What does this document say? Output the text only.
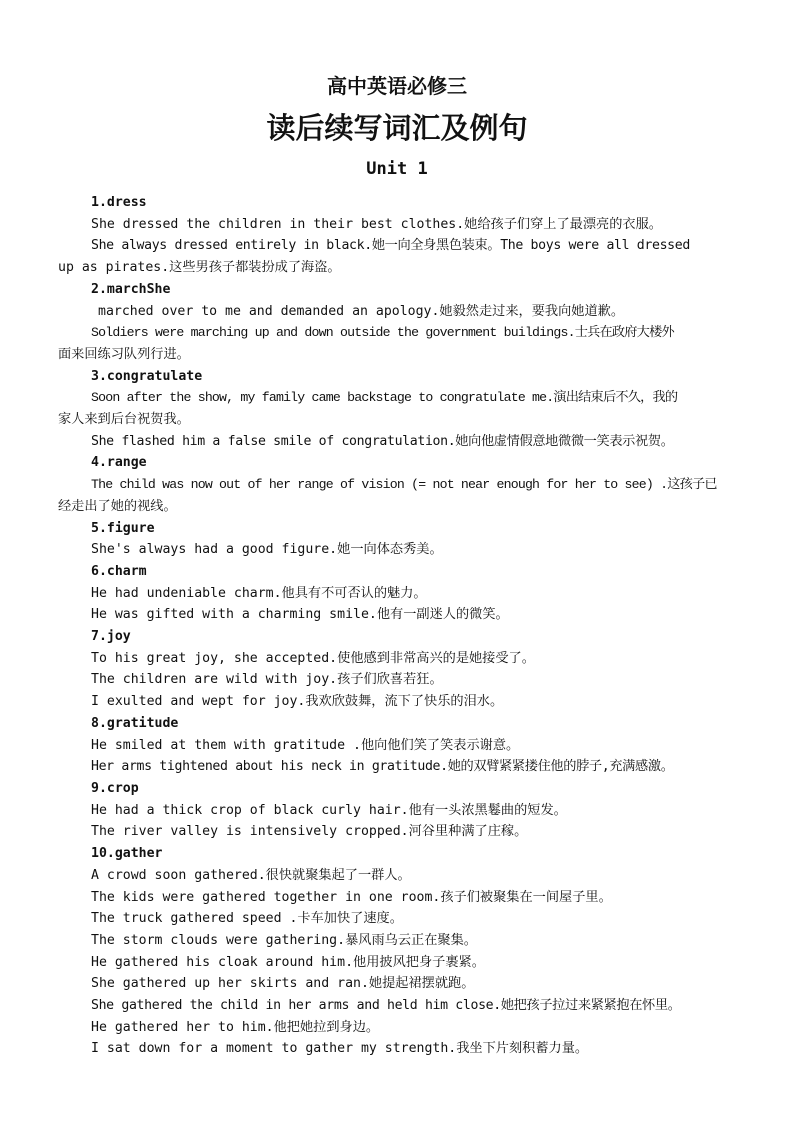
高中英语必修三
读后续写词汇及例句
Unit 1
1.dress
She dressed the children in their best clothes.她给孩子们穿上了最漂亮的衣服。
She always dressed entirely in black.她一向全身黑色装束。The boys were all dressed
up as pirates.这些男孩子都装扮成了海盗。
2.marchShe
marched over to me and demanded an apology.她毅然走过来，要我向她道歉。
Soldiers were marching up and down outside the government buildings.士兵在政府大楼外
面来回练习队列行进。
3.congratulate
Soon after the show, my family came backstage to congratulate me.演出结束后不久，我的
家人来到后台祝贺我。
She flashed him a false smile of congratulation.她向他虚情假意地微微一笑表示祝贺。
4.range
The child was now out of her range of vision (= not near enough for her to see) .这孩子已
经走出了她的视线。
5.figure
She's always had a good figure.她一向体态秀美。
6.charm
He had undeniable charm.他具有不可否认的魅力。
He was gifted with a charming smile.他有一副迷人的微笑。
7.joy
To his great joy, she accepted.使他感到非常高兴的是她接受了。
The children are wild with joy.孩子们欣喜若狂。
I exulted and wept for joy.我欢欣鼓舞，流下了快乐的泪水。
8.gratitude
He smiled at them with gratitude .他向他们笑了笑表示谢意。
Her arms tightened about his neck in gratitude.她的双臂紧紧搂住他的脖子,充满感激。
9.crop
He had a thick crop of black curly hair.他有一头浓黑鬈曲的短发。
The river valley is intensively cropped.河谷里种满了庄稼。
10.gather
A crowd soon gathered.很快就聚集起了一群人。
The kids were gathered together in one room.孩子们被聚集在一间屋子里。
The truck gathered speed .卡车加快了速度。
The storm clouds were gathering.暴风雨乌云正在聚集。
He gathered his cloak around him.他用披风把身子裹紧。
She gathered up her skirts and ran.她提起裙摆就跑。
She gathered the child in her arms and held him close.她把孩子拉过来紧紧抱在怀里。
He gathered her to him.他把她拉到身边。
I sat down for a moment to gather my strength.我坐下片刻积蓄力量。
